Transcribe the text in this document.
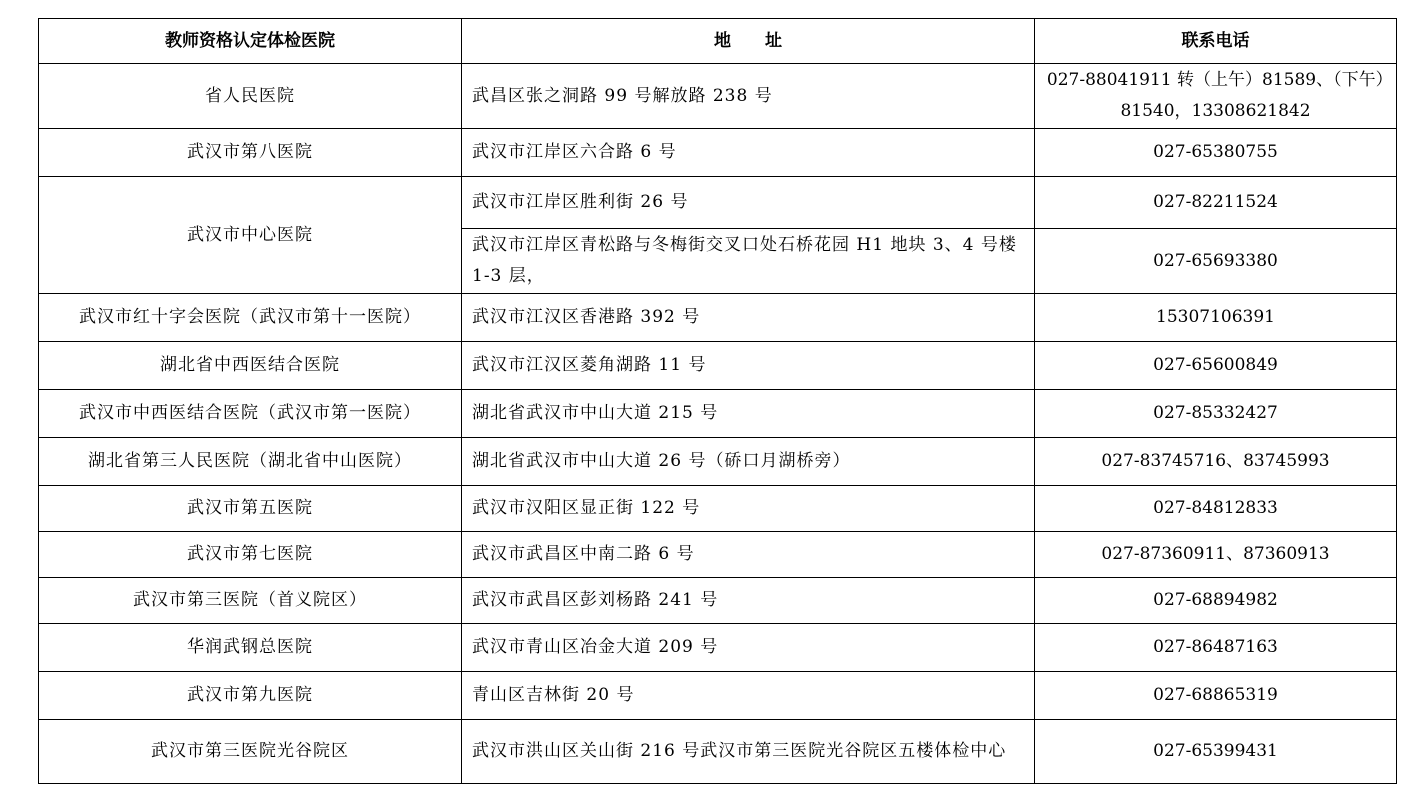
教师资格认定体检医院	地　　址	联系电话
省人民医院	武昌区张之洞路 99 号解放路 238 号	027-88041911 转（上午）81589、（下午）81540，13308621842
武汉市第八医院	武汉市江岸区六合路 6 号	027-65380755
武汉市中心医院	武汉市江岸区胜利街 26 号	027-82211524
	武汉市江岸区青松路与冬梅街交叉口处石桥花园 H1 地块 3、4 号楼 1-3 层，	027-65693380
武汉市红十字会医院（武汉市第十一医院）	武汉市江汉区香港路 392 号	15307106391
湖北省中西医结合医院	武汉市江汉区菱角湖路 11 号	027-65600849
武汉市中西医结合医院（武汉市第一医院）	湖北省武汉市中山大道 215 号	027-85332427
湖北省第三人民医院（湖北省中山医院）	湖北省武汉市中山大道 26 号（硚口月湖桥旁）	027-83745716、83745993
武汉市第五医院	武汉市汉阳区显正街 122 号	027-84812833
武汉市第七医院	武汉市武昌区中南二路 6 号	027-87360911、87360913
武汉市第三医院（首义院区）	武汉市武昌区彭刘杨路 241 号	027-68894982
华润武钢总医院	武汉市青山区冶金大道 209 号	027-86487163
武汉市第九医院	青山区吉林街 20 号	027-68865319
武汉市第三医院光谷院区	武汉市洪山区关山街 216 号武汉市第三医院光谷院区五楼体检中心	027-65399431
